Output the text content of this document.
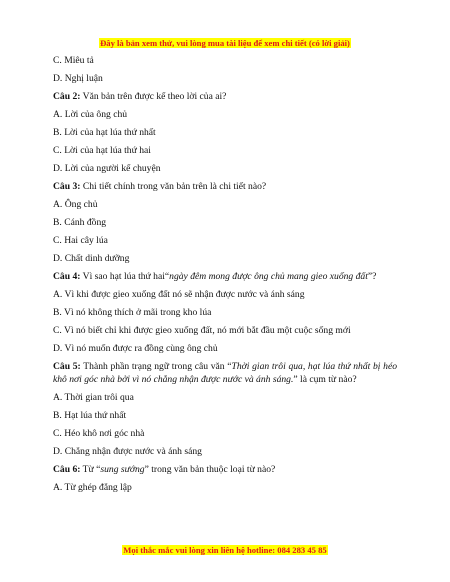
Đây là bản xem thử, vui lòng mua tài liệu để xem chi tiết (có lời giải)
C. Miêu tả
D. Nghị luận
Câu 2: Văn bản trên được kể theo lời của ai?
A. Lời của ông chủ
B. Lời của hạt lúa thứ nhất
C. Lời của hạt lúa thứ hai
D. Lời của người kể chuyện
Câu 3: Chi tiết chính trong văn bản trên là chi tiết nào?
A. Ông chủ
B. Cánh đồng
C. Hai cây lúa
D. Chất dinh dưỡng
Câu 4: Vì sao hạt lúa thứ hai“ngày đêm mong được ông chủ mang gieo xuống đất”?
A. Vì khi được gieo xuống đất nó sẽ nhận được nước và ánh sáng
B. Vì nó không thích ở mãi trong kho lúa
C. Vì nó biết chỉ khi được gieo xuống đất, nó mới bắt đầu một cuộc sống mới
D. Vì nó muốn được ra đồng cùng ông chủ
Câu 5: Thành phần trạng ngữ trong câu văn “Thời gian trôi qua, hạt lúa thứ nhất bị héo khô nơi góc nhà bởi vì nó chẳng nhận được nước và ánh sáng.” là cụm từ nào?
A. Thời gian trôi qua
B. Hạt lúa thứ nhất
C. Héo khô nơi góc nhà
D. Chẳng nhận được nước và ánh sáng
Câu 6: Từ “sung sướng” trong văn bản thuộc loại từ nào?
A. Từ ghép đẳng lập
Mọi thắc mắc vui lòng xin liên hệ hotline: 084 283 45 85
